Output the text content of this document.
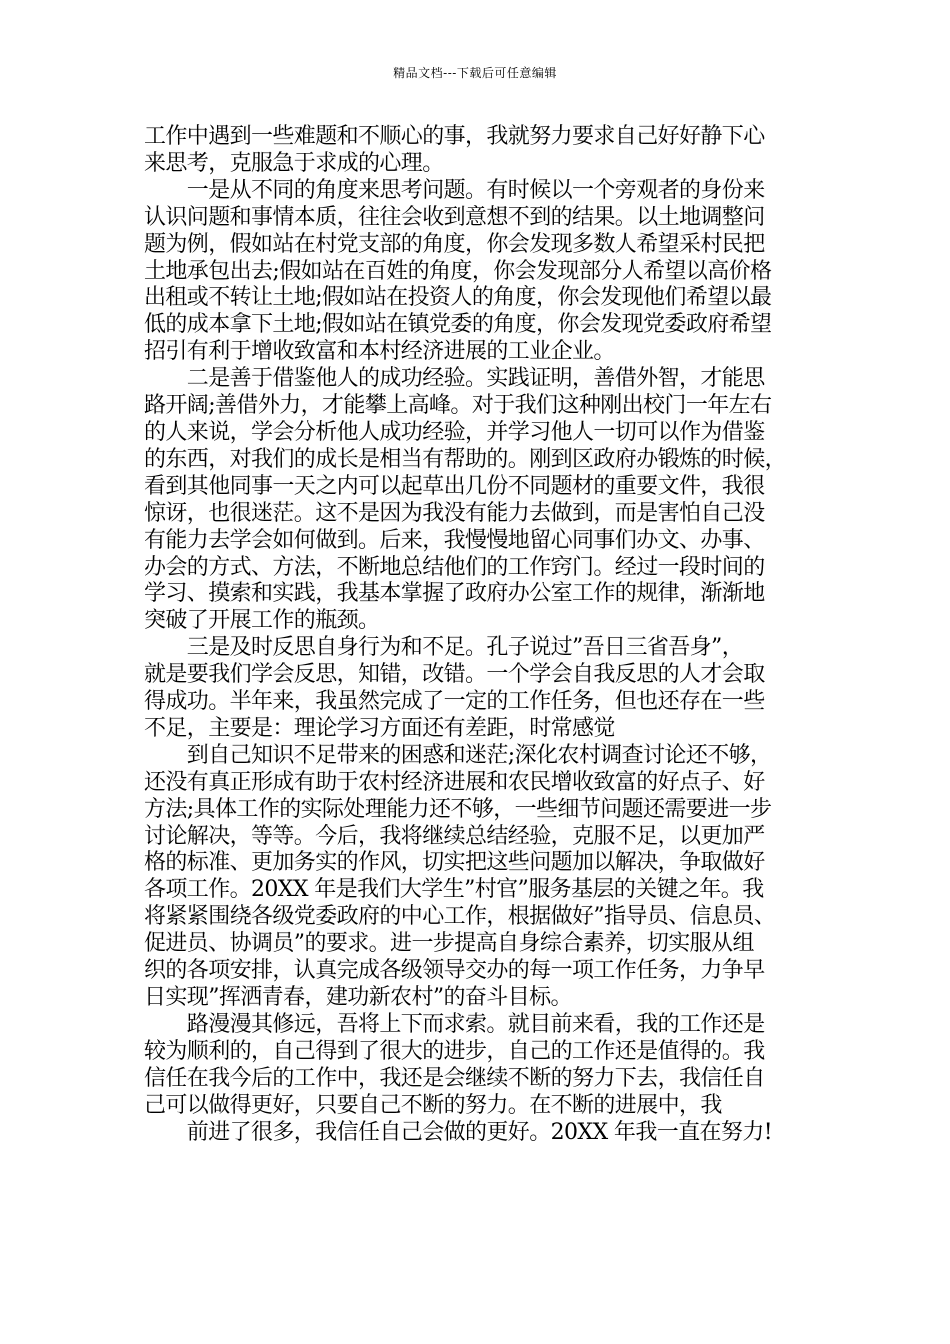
精品文档---下载后可任意编辑

工作中遇到一些难题和不顺心的事，我就努力要求自己好好静下心

来思考，克服急于求成的心理。

　　一是从不同的角度来思考问题。有时候以一个旁观者的身份来

认识问题和事情本质，往往会收到意想不到的结果。以土地调整问

题为例，假如站在村党支部的角度，你会发现多数人希望采村民把

土地承包出去;假如站在百姓的角度，你会发现部分人希望以高价格

出租或不转让土地;假如站在投资人的角度，你会发现他们希望以最

低的成本拿下土地;假如站在镇党委的角度，你会发现党委政府希望

招引有利于增收致富和本村经济进展的工业企业。

　　二是善于借鉴他人的成功经验。实践证明，善借外智，才能思

路开阔;善借外力，才能攀上高峰。对于我们这种刚出校门一年左右

的人来说，学会分析他人成功经验，并学习他人一切可以作为借鉴

的东西，对我们的成长是相当有帮助的。刚到区政府办锻炼的时候，

看到其他同事一天之内可以起草出几份不同题材的重要文件，我很

惊讶，也很迷茫。这不是因为我没有能力去做到，而是害怕自己没

有能力去学会如何做到。后来，我慢慢地留心同事们办文、办事、

办会的方式、方法，不断地总结他们的工作窍门。经过一段时间的

学习、摸索和实践，我基本掌握了政府办公室工作的规律，渐渐地

突破了开展工作的瓶颈。

　　三是及时反思自身行为和不足。孔子说过”吾日三省吾身”，

就是要我们学会反思，知错，改错。一个学会自我反思的人才会取

得成功。半年来，我虽然完成了一定的工作任务，但也还存在一些

不足，主要是：理论学习方面还有差距，时常感觉

　　到自己知识不足带来的困惑和迷茫;深化农村调查讨论还不够，

还没有真正形成有助于农村经济进展和农民增收致富的好点子、好

方法;具体工作的实际处理能力还不够，一些细节问题还需要进一步

讨论解决，等等。今后，我将继续总结经验，克服不足，以更加严

格的标准、更加务实的作风，切实把这些问题加以解决，争取做好

各项工作。20XX 年是我们大学生”村官”服务基层的关键之年。我

将紧紧围绕各级党委政府的中心工作，根据做好”指导员、信息员、

促进员、协调员”的要求。进一步提高自身综合素养，切实服从组

织的各项安排，认真完成各级领导交办的每一项工作任务，力争早

日实现”挥洒青春，建功新农村”的奋斗目标。

　　路漫漫其修远，吾将上下而求索。就目前来看，我的工作还是

较为顺利的，自己得到了很大的进步，自己的工作还是值得的。我

信任在我今后的工作中，我还是会继续不断的努力下去，我信任自

己可以做得更好，只要自己不断的努力。在不断的进展中，我

　　前进了很多，我信任自己会做的更好。20XX 年我一直在努力!
